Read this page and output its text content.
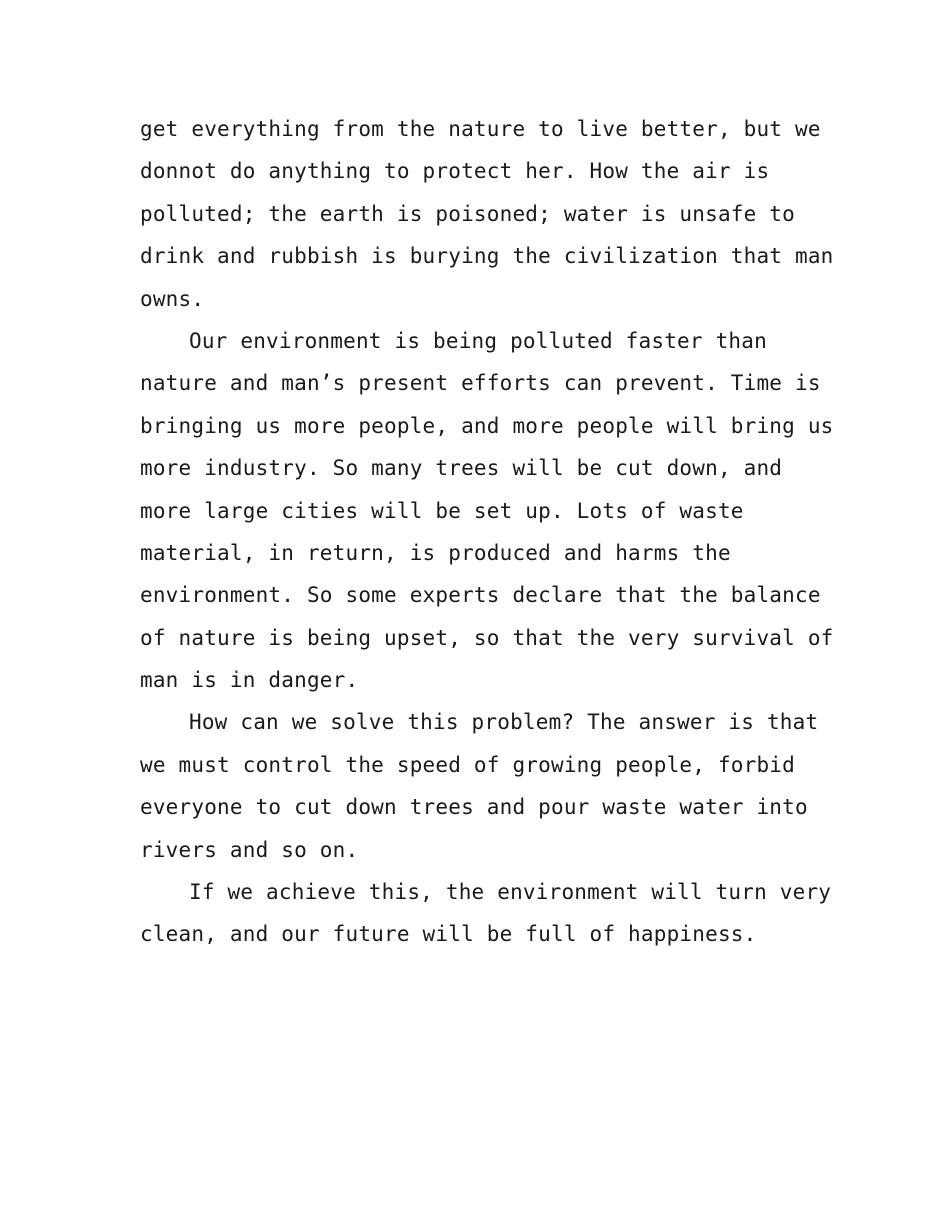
get everything from the nature to live better, but we
donnot do anything to protect her. How the air is
polluted; the earth is poisoned; water is unsafe to
drink and rubbish is burying the civilization that man
owns.
Our environment is being polluted faster than
nature and man’s present efforts can prevent. Time is
bringing us more people, and more people will bring us
more industry. So many trees will be cut down, and
more large cities will be set up. Lots of waste
material, in return, is produced and harms the
environment. So some experts declare that the balance
of nature is being upset, so that the very survival of
man is in danger.
How can we solve this problem? The answer is that
we must control the speed of growing people, forbid
everyone to cut down trees and pour waste water into
rivers and so on.
If we achieve this, the environment will turn very
clean, and our future will be full of happiness.
